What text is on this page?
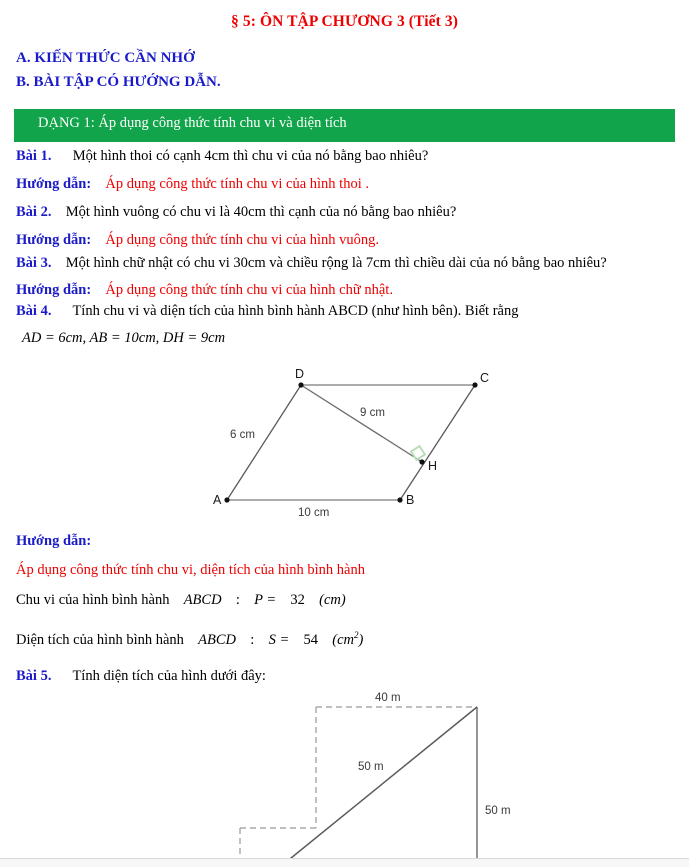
§ 5: ÔN TẬP CHƯƠNG 3 (Tiết 3)
A. KIẾN THỨC CẦN NHỚ
B. BÀI TẬP CÓ HƯỚNG DẪN.
DẠNG 1: Áp dụng công thức tính chu vi và diện tích
Bài 1. Một hình thoi có cạnh 4cm thì chu vi của nó bằng bao nhiêu?
Hướng dẫn: Áp dụng công thức tính chu vi của hình thoi .
Bài 2. Một hình vuông có chu vi là 40cm thì cạnh của nó bằng bao nhiêu?
Hướng dẫn: Áp dụng công thức tính chu vi của hình vuông.
Bài 3. Một hình chữ nhật có chu vi 30cm và chiều rộng là 7cm thì chiều dài của nó bằng bao nhiêu?
Hướng dẫn: Áp dụng công thức tính chu vi của hình chữ nhật.
Bài 4. Tính chu vi và diện tích của hình bình hành ABCD (như hình bên). Biết rằng
AD = 6cm, AB = 10cm, DH = 9cm
A	B
C
D
H
6 cm
9 cm
10 cm
Hướng dẫn:
Áp dụng công thức tính chu vi, diện tích của hình bình hành
Chu vi của hình bình hành ABCD : P = 32 (cm)
Diện tích của hình bình hành ABCD : S = 54 $(cm^2)$
Bài 5. Tính diện tích của hình dưới đây:
40 m
50 m
50 m
